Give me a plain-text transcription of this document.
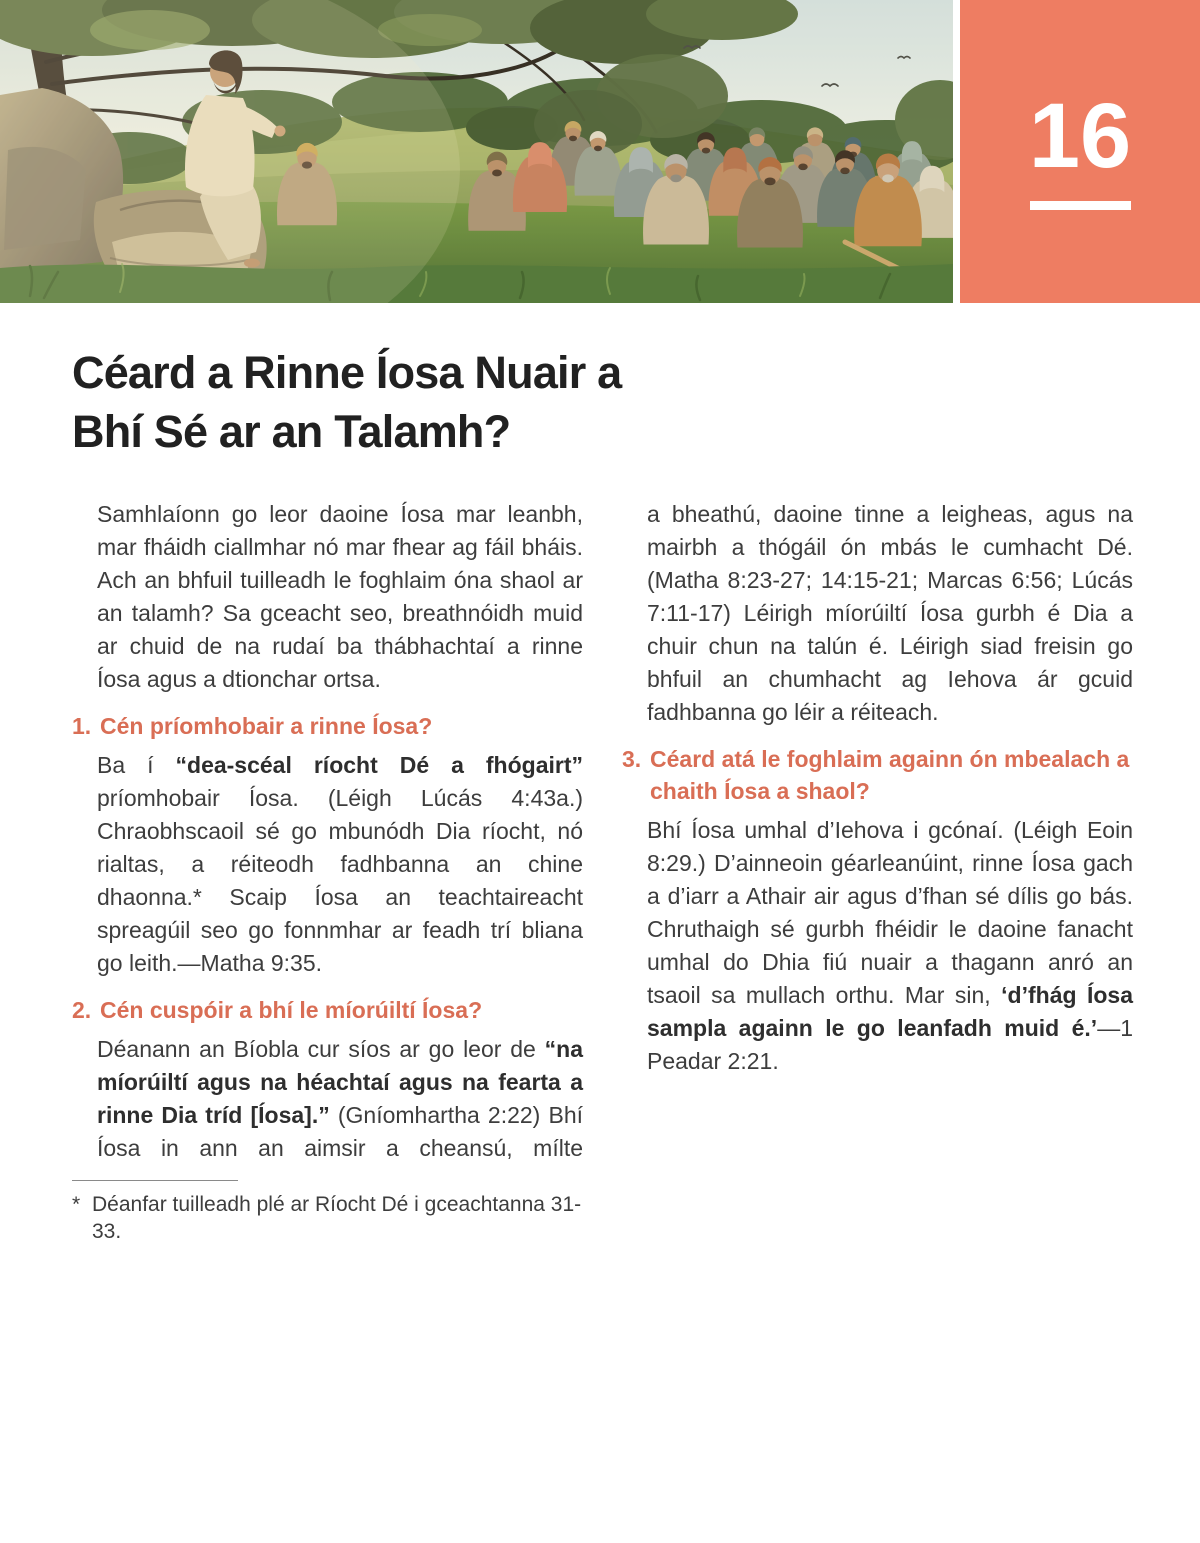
16
Céard a Rinne Íosa Nuair a
Bhí Sé ar an Talamh?

Samhlaíonn go leor daoine Íosa mar leanbh, mar fháidh ciallmhar nó mar fhear ag fáil bháis. Ach an bhfuil tuilleadh le foghlaim óna shaol ar an talamh? Sa gceacht seo, breathnóidh muid ar chuid de na rudaí ba thábhachtaí a rinne Íosa agus a dtionchar ortsa.

1. Cén príomhobair a rinne Íosa?

Ba í “dea-scéal ríocht Dé a fhógairt” príomhobair Íosa. (Léigh Lúcás 4:43a.) Chraobhscaoil sé go mbunódh Dia ríocht, nó rialtas, a réiteodh fadhbanna an chine dhaonna.* Scaip Íosa an teachtaireacht spreagúil seo go fonnmhar ar feadh trí bliana go leith.—Matha 9:35.

2. Cén cuspóir a bhí le míorúiltí Íosa?

Déanann an Bíobla cur síos ar go leor de “na míorúiltí agus na héachtaí agus na fearta a rinne Dia tríd [Íosa].” (Gníomhartha 2:22) Bhí Íosa in ann an aimsir a cheansú, mílte

* Déanfar tuilleadh plé ar Ríocht Dé i gceachtanna 31-33.

a bheathú, daoine tinne a leigheas, agus na mairbh a thógáil ón mbás le cumhacht Dé. (Matha 8:23-27; 14:15-21; Marcas 6:56; Lúcás 7:11-17) Léirigh míorúiltí Íosa gurbh é Dia a chuir chun na talún é. Léirigh siad freisin go bhfuil an chumhacht ag Iehova ár gcuid fadhbanna go léir a réiteach.

3. Céard atá le foghlaim againn ón mbealach a chaith Íosa a shaol?

Bhí Íosa umhal d’Iehova i gcónaí. (Léigh Eoin 8:29.) D’ainneoin géarleanúint, rinne Íosa gach a d’iarr a Athair air agus d’fhan sé dílis go bás. Chruthaigh sé gurbh fhéidir le daoine fanacht umhal do Dhia fiú nuair a thagann anró an tsaoil sa mullach orthu. Mar sin, ‘d’fhág Íosa sampla againn le go leanfadh muid é.’—1 Peadar 2:21.
